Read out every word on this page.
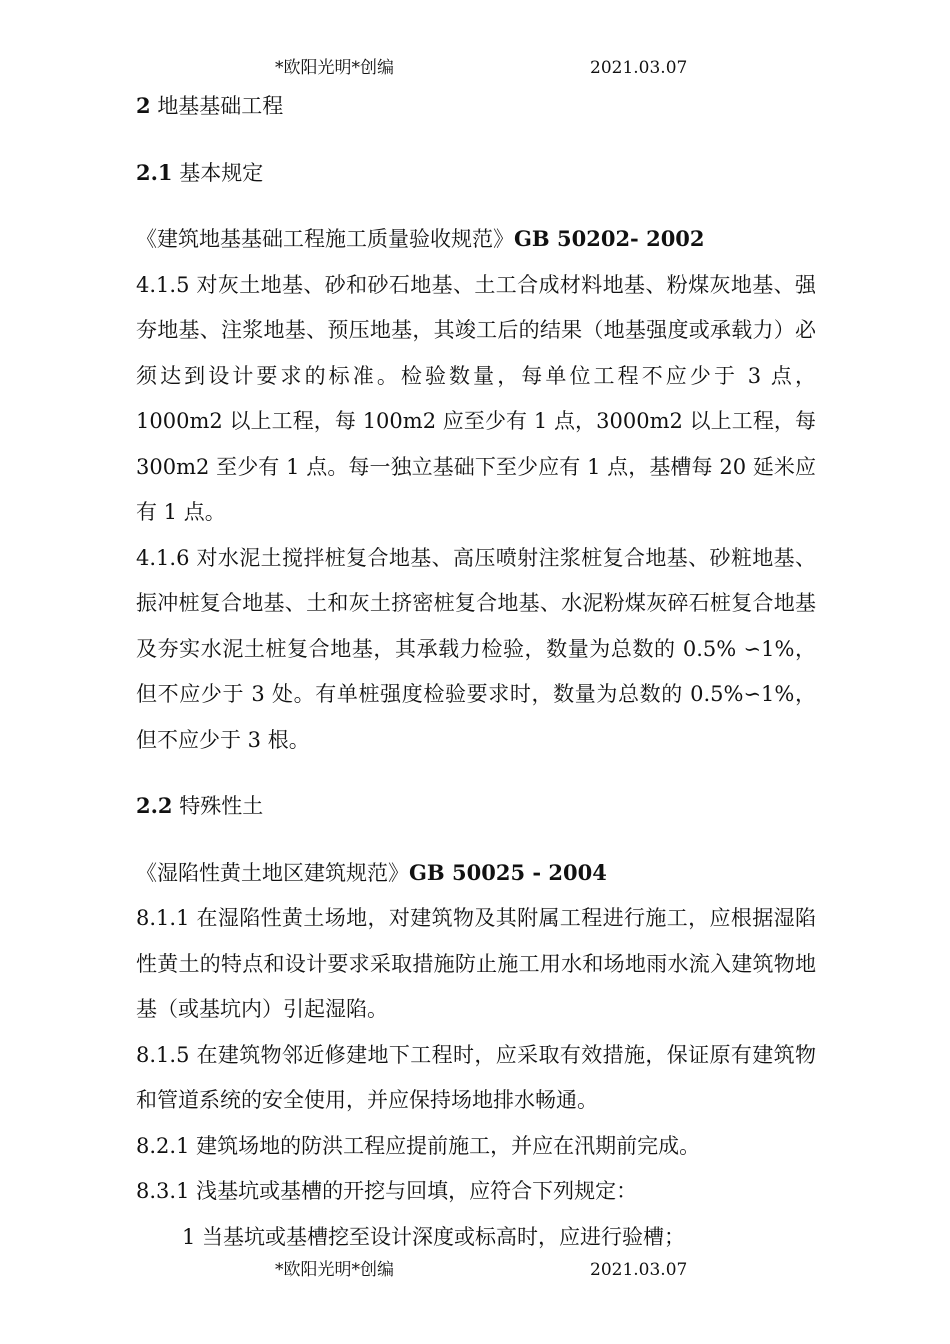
*欧阳光明*创编	2021.03.07

2 地基基础工程

2.1 基本规定

《建筑地基基础工程施工质量验收规范》GB 50202- 2002

4.1.5 对灰土地基、砂和砂石地基、土工合成材料地基、粉煤灰地基、强夯地基、注浆地基、预压地基，其竣工后的结果（地基强度或承载力）必须达到设计要求的标准。检验数量，每单位工程不应少于 3 点，1000m2 以上工程，每 100m2 应至少有 1 点，3000m2 以上工程，每 300m2 至少有 1 点。每一独立基础下至少应有 1 点，基槽每 20 延米应有 1 点。

4.1.6 对水泥土搅拌桩复合地基、高压喷射注浆桩复合地基、砂粧地基、振冲桩复合地基、土和灰土挤密桩复合地基、水泥粉煤灰碎石桩复合地基及夯实水泥土桩复合地基，其承载力检验，数量为总数的 0.5% ∽1%，但不应少于 3 处。有单桩强度检验要求时，数量为总数的 0.5%∽1%，但不应少于 3 根。

2.2 特殊性土

《湿陷性黄土地区建筑规范》GB 50025 - 2004

8.1.1 在湿陷性黄土场地，对建筑物及其附属工程进行施工，应根据湿陷性黄土的特点和设计要求采取措施防止施工用水和场地雨水流入建筑物地基（或基坑内）引起湿陷。

8.1.5 在建筑物邻近修建地下工程时，应采取有效措施，保证原有建筑物和管道系统的安全使用，并应保持场地排水畅通。

8.2.1 建筑场地的防洪工程应提前施工，并应在汛期前完成。

8.3.1 浅基坑或基槽的开挖与回填，应符合下列规定：

1 当基坑或基槽挖至设计深度或标高时，应进行验槽；

*欧阳光明*创编	2021.03.07
